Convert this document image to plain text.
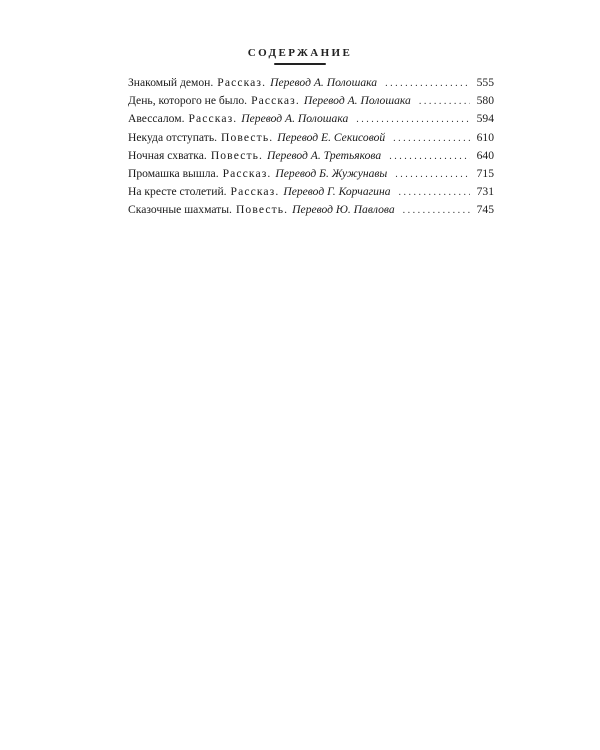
СОДЕРЖАНИЕ
Знакомый демон. Рассказ. Перевод А. Полошака . . .	555
День, которого не было. Рассказ. Перевод А. Полошака . . .	580
Авессалом. Рассказ. Перевод А. Полошака . . .	594
Некуда отступать. Повесть. Перевод Е. Секисовой . . .	610
Ночная схватка. Повесть. Перевод А. Третьякова . . .	640
Промашка вышла. Рассказ. Перевод Б. Жужунавы . . .	715
На кресте столетий. Рассказ. Перевод Г. Корчагина . . .	731
Сказочные шахматы. Повесть. Перевод Ю. Павлова . . .	745
